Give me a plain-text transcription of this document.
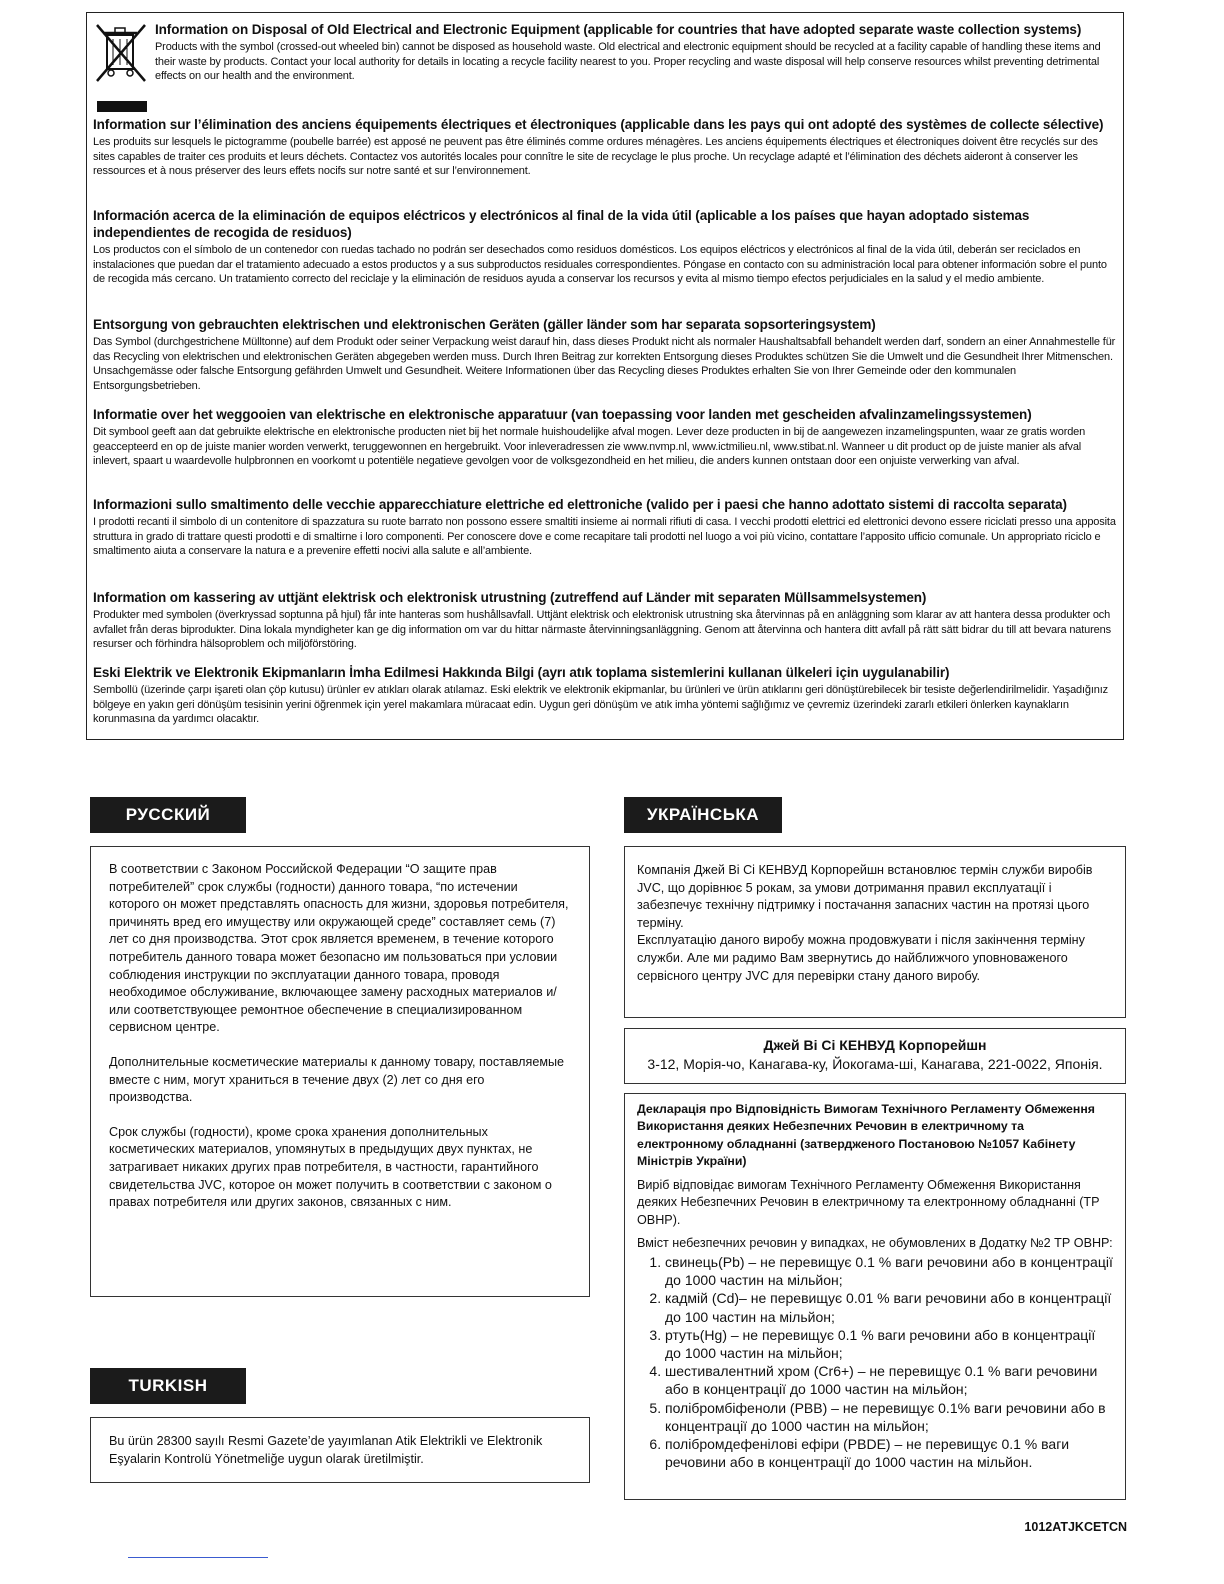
Information on Disposal of Old Electrical and Electronic Equipment (applicable for countries that have adopted separate waste collection systems)

Products with the symbol (crossed-out wheeled bin) cannot be disposed as household waste. Old electrical and electronic equipment should be recycled at a facility capable of handling these items and their waste by products. Contact your local authority for details in locating a recycle facility nearest to you. Proper recycling and waste disposal will help conserve resources whilst preventing detrimental effects on our health and the environment.

Information sur l’élimination des anciens équipements électriques et électroniques (applicable dans les pays qui ont adopté des systèmes de collecte sélective)

Les produits sur lesquels le pictogramme (poubelle barrée) est apposé ne peuvent pas être éliminés comme ordures ménagères. Les anciens équipements électriques et électroniques doivent être recyclés sur des sites capables de traiter ces produits et leurs déchets. Contactez vos autorités locales pour connître le site de recyclage le plus proche. Un recyclage adapté et l’élimination des déchets aideront à conserver les ressources et à nous préserver des leurs effets nocifs sur notre santé et sur l’environnement.

Información acerca de la eliminación de equipos eléctricos y electrónicos al final de la vida útil (aplicable a los países que hayan adoptado sistemas independientes de recogida de residuos)

Los productos con el símbolo de un contenedor con ruedas tachado no podrán ser desechados como residuos domésticos. Los equipos eléctricos y electrónicos al final de la vida útil, deberán ser reciclados en instalaciones que puedan dar el tratamiento adecuado a estos productos y a sus subproductos residuales correspondientes. Póngase en contacto con su administración local para obtener información sobre el punto de recogida más cercano. Un tratamiento correcto del reciclaje y la eliminación de residuos ayuda a conservar los recursos y evita al mismo tiempo efectos perjudiciales en la salud y el medio ambiente.

Entsorgung von gebrauchten elektrischen und elektronischen Geräten (gäller länder som har separata sopsorteringsystem)

Das Symbol (durchgestrichene Mülltonne) auf dem Produkt oder seiner Verpackung weist darauf hin, dass dieses Produkt nicht als normaler Haushaltsabfall behandelt werden darf, sondern an einer Annahmestelle für das Recycling von elektrischen und elektronischen Geräten abgegeben werden muss. Durch Ihren Beitrag zur korrekten Entsorgung dieses Produktes schützen Sie die Umwelt und die Gesundheit Ihrer Mitmenschen. Unsachgemässe oder falsche Entsorgung gefährden Umwelt und Gesundheit. Weitere Informationen über das Recycling dieses Produktes erhalten Sie von Ihrer Gemeinde oder den kommunalen Entsorgungsbetrieben.

Informatie over het weggooien van elektrische en elektronische apparatuur (van toepassing voor landen met gescheiden afvalinzamelingssystemen)

Dit symbool geeft aan dat gebruikte elektrische en elektronische producten niet bij het normale huishoudelijke afval mogen. Lever deze producten in bij de aangewezen inzamelingspunten, waar ze gratis worden geaccepteerd en op de juiste manier worden verwerkt, teruggewonnen en hergebruikt. Voor inleveradressen zie www.nvmp.nl, www.ictmilieu.nl, www.stibat.nl. Wanneer u dit product op de juiste manier als afval inlevert, spaart u waardevolle hulpbronnen en voorkomt u potentiële negatieve gevolgen voor de volksgezondheid en het milieu, die anders kunnen ontstaan door een onjuiste verwerking van afval.

Informazioni sullo smaltimento delle vecchie apparecchiature elettriche ed elettroniche (valido per i paesi che hanno adottato sistemi di raccolta separata)

I prodotti recanti il simbolo di un contenitore di spazzatura su ruote barrato non possono essere smaltiti insieme ai normali rifiuti di casa. I vecchi prodotti elettrici ed elettronici devono essere riciclati presso una apposita struttura in grado di trattare questi prodotti e di smaltirne i loro componenti. Per conoscere dove e come recapitare tali prodotti nel luogo a voi più vicino, contattare l’apposito ufficio comunale. Un appropriato riciclo e smaltimento aiuta a conservare la natura e a prevenire effetti nocivi alla salute e all’ambiente.

Information om kassering av uttjänt elektrisk och elektronisk utrustning (zutreffend auf Länder mit separaten Müllsammelsystemen)

Produkter med symbolen (överkryssad soptunna på hjul) får inte hanteras som hushållsavfall. Uttjänt elektrisk och elektronisk utrustning ska återvinnas på en anläggning som klarar av att hantera dessa produkter och avfallet från deras biprodukter. Dina lokala myndigheter kan ge dig information om var du hittar närmaste återvinningsanläggning. Genom att återvinna och hantera ditt avfall på rätt sätt bidrar du till att bevara naturens resurser och förhindra hälsoproblem och miljöförstöring.

Eski Elektrik ve Elektronik Ekipmanların İmha Edilmesi Hakkında Bilgi (ayrı atık toplama sistemlerini kullanan ülkeleri için uygulanabilir)

Sembollü (üzerinde çarpı işareti olan çöp kutusu) ürünler ev atıkları olarak atılamaz. Eski elektrik ve elektronik ekipmanlar, bu ürünleri ve ürün atıklarını geri dönüştürebilecek bir tesiste değerlendirilmelidir. Yaşadığınız bölgeye en yakın geri dönüşüm tesisinin yerini öğrenmek için yerel makamlara müracaat edin. Uygun geri dönüşüm ve atık imha yöntemi sağlığımız ve çevremiz üzerindeki zararlı etkileri önlerken kaynakların korunmasına da yardımcı olacaktır.

РУССКИЙ

В соответствии с Законом Российской Федерации “О защите прав потребителей” срок службы (годности) данного товара, “по истечении которого он может представлять опасность для жизни, здоровья потребителя, причинять вред его имуществу или окружающей среде” составляет семь (7) лет со дня производства. Этот срок является временем, в течение которого потребитель данного товара может безопасно им пользоваться при условии соблюдения инструкции по эксплуатации данного товара, проводя необходимое обслуживание, включающее замену расходных материалов и/или соответствующее ремонтное обеспечение в специализированном сервисном центре.

Дополнительные косметические материалы к данному товару, поставляемые вместе с ним, могут храниться в течение двух (2) лет со дня его производства.

Срок службы (годности), кроме срока хранения дополнительных косметических материалов, упомянутых в предыдущих двух пунктах, не затрагивает никаких других прав потребителя, в частности, гарантийного свидетельства JVC, которое он может получить в соответствии с законом о правах потребителя или других законов, связанных с ним.

TURKISH

Bu ürün 28300 sayılı Resmi Gazete’de yayımlanan Atik Elektrikli ve Elektronik Eşyalarin Kontrolü Yönetmeliğe uygun olarak üretilmiştir.

УКРАЇНСЬКА

Компанія Джей Ві Сі КЕНВУД Корпорейшн встановлює термін служби виробів JVC, що дорівнює 5 рокам, за умови дотримання правил експлуатації і забезпечує технічну підтримку і постачання запасних частин на протязі цього терміну.

Експлуатацію даного виробу можна продовжувати і після закінчення терміну служби. Але ми радимо Вам звернутись до найближчого уповноваженого сервісного центру JVC для перевірки стану даного виробу.

Джей Ві Сі КЕНВУД Корпорейшн
3-12, Морія-чо, Канагава-ку, Йокогама-ші, Канагава, 221-0022, Японія.
Декларація про Відповідність Вимогам Технічного Регламенту Обмеження Використання деяких Небезпечних Речовин в електричному та електронному обладнанні (затвердженого Постановою №1057 Кабінету Міністрів України)

Виріб відповідає вимогам Технічного Регламенту Обмеження Використання деяких Небезпечних Речовин в електричному та електронному обладнанні (ТР ОВНР).

Вміст небезпечних речовин у випадках, не обумовлених в Додатку №2 ТР ОВНР:

1. свинець(Pb) – не перевищує 0.1 % ваги речовини або в концентрації до 1000 частин на мільйон;
2. кадмій (Cd)– не перевищує 0.01 % ваги речовини або в концентрації до 100 частин на мільйон;
3. ртуть(Hg) – не перевищує 0.1 % ваги речовини або в концентрації до 1000 частин на мільйон;
4. шестивалентний хром (Cr6+) – не перевищує 0.1 % ваги речовини або в концентрації до 1000 частин на мільйон;
5. полібромбіфеноли (PBB) – не перевищує 0.1% ваги речовини або в концентрації до 1000 частин на мільйон;
6. полібромдефенілові ефіри (PBDE) – не перевищує 0.1 % ваги речовини або в концентрації до 1000 частин на мільйон.
1012ATJKCETCN
